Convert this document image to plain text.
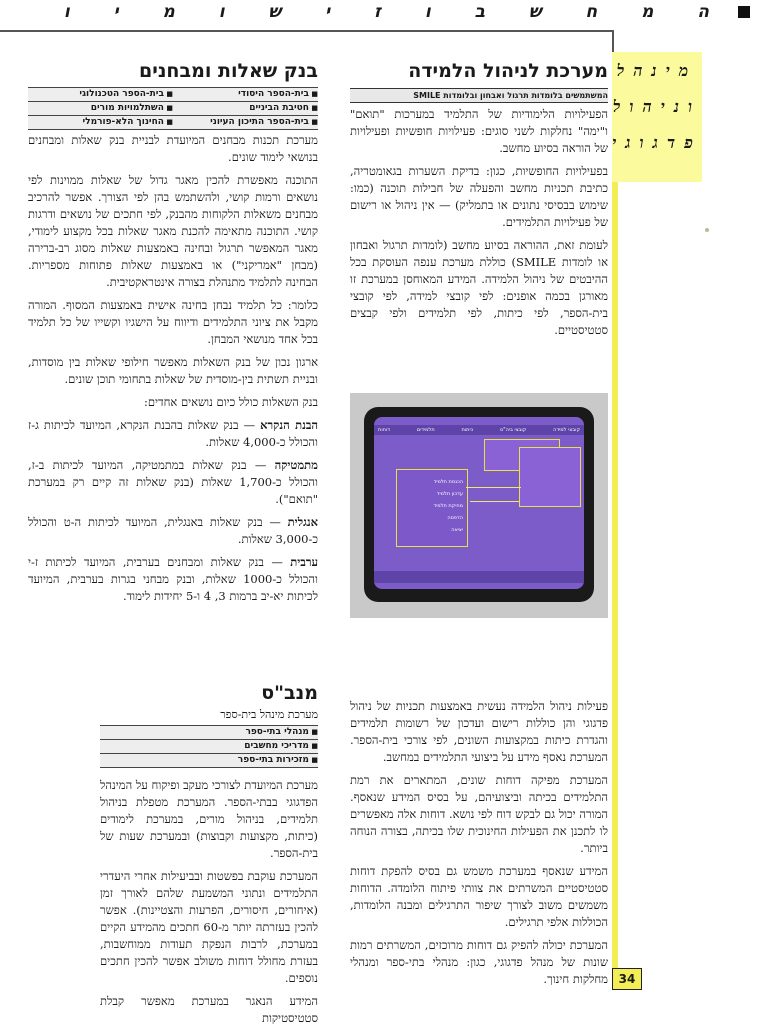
ה מ ח ש ב ו ז י ש ו מ י ו
מינהל
וניהול
פדגוגי
34
מערכת לניהול הלמידה
המשתמשים בלומדות תרגול ואבחון ובלומדות SMILE

הפעילויות הלימודיות של התלמיד במערכות "תואם" ו"ימה" נחלקות לשני סוגים: פעילויות חופשיות ופעילויות של הוראה בסיוע מחשב.

בפעילויות החופשיות, כגון: בדיקת השערות בגאומטריה, כתיבת תכניות מחשב והפעלה של חבילות תוכנה (כמו: שימוש בבסיסי נתונים או בתמליק) — אין ניהול או רישום של פעילויות התלמידים.

לעומת זאת, ההוראה בסיוע מחשב (לומדות תרגול ואבחון או לומדות SMILE) כוללת מערכת ענפה העוסקת בכל ההיבטים של ניהול הלמידה. המידע המאוחסן במערכת זו מאורגן בכמה אופנים: לפי קובצי למידה, לפי קובצי בית-הספר, לפי כיתות, לפי תלמידים ולפי קבצים סטטיסטיים.

קובצי למידה
קובצי ביה"ס
כיתות
תלמידים
דוחות
הכנסת תלמיד
עדכון תלמיד
מחיקת תלמיד
הדפסה
יציאה

פעילות ניהול הלמידה נעשית באמצעות תכניות של ניהול פדגוגי והן כוללות רישום ועדכון של רשומות תלמידים והגדרת כיתות במקצועות השונים, לפי צורכי בית-הספר. המערכת נאסף מידע על ביצועי התלמידים במחשב.

המערכת מפיקה דוחות שונים, המתארים את רמת התלמידים בכיתה וביצועיהם, על בסיס המידע שנאסף. המורה יכול גם לבקש דוח לפי נושא. דוחות אלה מאפשרים לו לתכנן את הפעילות החינוכית שלו בכיתה, בצורה הנוחה ביותר.

המידע שנאסף במערכת משמש גם בסיס להפקת דוחות סטטיסטיים המשרתים את צוותי פיתוח הלומדה. הדוחות משמשים משוב לצורך שיפור התרגילים ומבנה הלומדות, הכוללות אלפי תרגילים.

המערכת יכולה להפיק גם דוחות מרוכזים, המשרתים רמות שונות של מנהל פדגוגי, כגון: מנהלי בתי-ספר ומנהלי מחלקות חינוך.

בנק שאלות ומבחנים
■ בית-הספר היסודי
■ בית-הספר הטכנולוגי
■ חטיבת הביניים
■ השתלמויות מורים
■ בית-הספר התיכון העיוני
■ החינוך הלא-פורמלי

מערכת תכנות מבחנים המיועדת לבניית בנק שאלות ומבחנים בנושאי לימוד שונים.

התוכנה מאפשרת להכין מאגר גדול של שאלות ממוינות לפי נושאים ורמות קושי, ולהשתמש בהן לפי הצורך. אפשר להרכיב מבחנים משאלות הלקוחות מהבנק, לפי חתכים של נושאים ודרגות קושי. התוכנה מתאימה להכנת מאגר שאלות בכל מקצוע לימודי, מאגר המאפשר תרגול ובחינה באמצעות שאלות מסוג רב-ברירה (מבחן "אמריקני") או באמצעות שאלות פתוחות מספריות. הבחינה לתלמיד מתנהלת בצורה אינטראקטיבית.

כלומר: כל תלמיד נבחן בחינה אישית באמצעות המסוף. המורה מקבל את ציוני התלמידים ודיווח על הישגיו וקשייו של כל תלמיד בכל אחד מנושאי המבחן.

ארגון נכון של בנק השאלות מאפשר חילופי שאלות בין מוסדות, ובניית תשתית בין-מוסדית של שאלות בתחומי תוכן שונים.

בנק השאלות כולל כיום נושאים אחדים:

הבנת הנקרא — בנק שאלות בהבנת הנקרא, המיועד לכיתות ג-ז והכולל כ-4,000 שאלות.

מתמטיקה — בנק שאלות במתמטיקה, המיועד לכיתות ב-ז, והכולל כ-1,700 שאלות (בנק שאלות זה קיים רק במערכת "תואם").

אנגלית — בנק שאלות באנגלית, המיועד לכיתות ה-ט והכולל כ-3,000 שאלות.

ערבית — בנק שאלות ומבחנים בערבית, המיועד לכיתות ז-י והכולל כ-1000 שאלות, ובנק מבחני בגרות בערבית, המיועד לכיתות יא-יב ברמות 3, 4 ו-5 יחידות לימוד.

מנב"ס
מערכת מינהל בית-ספר
■ מנהלי בתי-ספר
■ מדריכי מחשבים
■ מזכירות בתי-ספר

מערכת המיועדת לצורכי מעקב ופיקוח על המינהל הפדגוגי בבתי-הספר. המערכת מטפלת בניהול תלמידים, בניהול מורים, במערכת לימודים (כיתות, מקצועות וקבוצות) ובמערכת שעות של בית-הספר.

המערכת עוקבת בפשטות ובביעילות אחרי היעדרי התלמידים ונתוני המשמעת שלהם לאורך זמן (איחורים, חיסורים, הפרעות והצטיינות). אפשר להכין בעזרתה יותר מ-60 חתכים מהמידע הקיים במערכת, לרבות הנפקת תעודות ממוחשבות, בעזרת מחולל דוחות משולב אפשר להכין חתכים נוספים.

המידע הנאגר במערכת מאפשר קבלת סטטיסטיקות
